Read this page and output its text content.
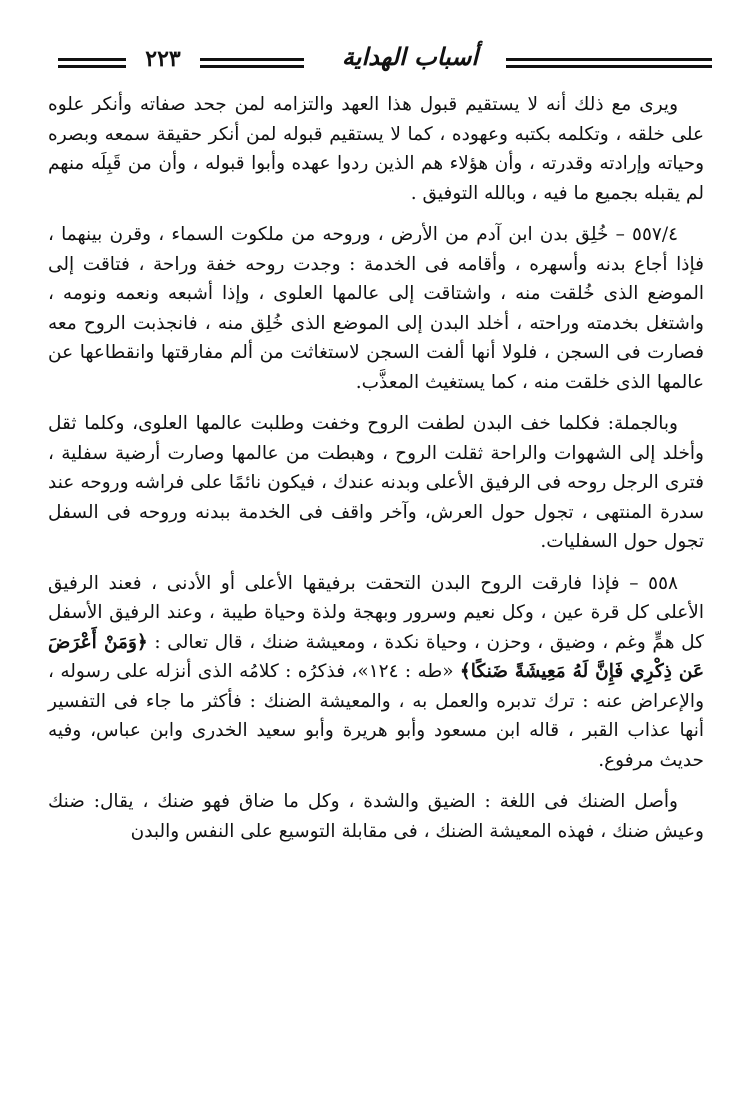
٢٢٣	أسباب الهداية

ويرى مع ذلك أنه لا يستقيم قبول هذا العهد والتزامه لمن جحد صفاته وأنكر علوه على خلقه ، وتكلمه بكتبه وعهوده ، كما لا يستقيم قبوله لمن أنكر حقيقة سمعه وبصره وحياته وإرادته وقدرته ، وأن هؤلاء هم الذين ردوا عهده وأبوا قبوله ، وأن من قَبِلَه منهم لم يقبله بجميع ما فيه ، وبالله التوفيق .

٥٥٧/٤ – خُلِق بدن ابن آدم من الأرض ، وروحه من ملكوت السماء ، وقرن بينهما ، فإذا أجاع بدنه وأسهره ، وأقامه فى الخدمة : وجدت روحه خفة وراحة ، فتاقت إلى الموضع الذى خُلقت منه ، واشتاقت إلى عالمها العلوى ، وإذا أشبعه ونعمه ونومه ، واشتغل بخدمته وراحته ، أخلد البدن إلى الموضع الذى خُلِق منه ، فانجذبت الروح معه فصارت فى السجن ، فلولا أنها ألفت السجن لاستغاثت من ألم مفارقتها وانقطاعها عن عالمها الذى خلقت منه ، كما يستغيث المعذَّب.

وبالجملة: فكلما خف البدن لطفت الروح وخفت وطلبت عالمها العلوى، وكلما ثقل وأخلد إلى الشهوات والراحة ثقلت الروح ، وهبطت من عالمها وصارت أرضية سفلية ، فترى الرجل روحه فى الرفيق الأعلى وبدنه عندك ، فيكون نائمًا على فراشه وروحه عند سدرة المنتهى ، تجول حول العرش، وآخر واقف فى الخدمة ببدنه وروحه فى السفل تجول حول السفليات.

٥٥٨ – فإذا فارقت الروح البدن التحقت برفيقها الأعلى أو الأدنى ، فعند الرفيق الأعلى كل قرة عين ، وكل نعيم وسرور وبهجة ولذة وحياة طيبة ، وعند الرفيق الأسفل كل همٍّ وغم ، وضيق ، وحزن ، وحياة نكدة ، ومعيشة ضنك ، قال تعالى : ﴿وَمَنْ أَعْرَضَ عَن ذِكْرِي فَإِنَّ لَهُ مَعِيشَةً ضَنكًا﴾ «طه : ١٢٤»، فذكرُه : كلامُه الذى أنزله على رسوله ، والإعراض عنه : ترك تدبره والعمل به ، والمعيشة الضنك : فأكثر ما جاء فى التفسير أنها عذاب القبر ، قاله ابن مسعود وأبو هريرة وأبو سعيد الخدرى وابن عباس، وفيه حديث مرفوع.

وأصل الضنك فى اللغة : الضيق والشدة ، وكل ما ضاق فهو ضنك ، يقال: ضنك وعيش ضنك ، فهذه المعيشة الضنك ، فى مقابلة التوسيع على النفس والبدن
